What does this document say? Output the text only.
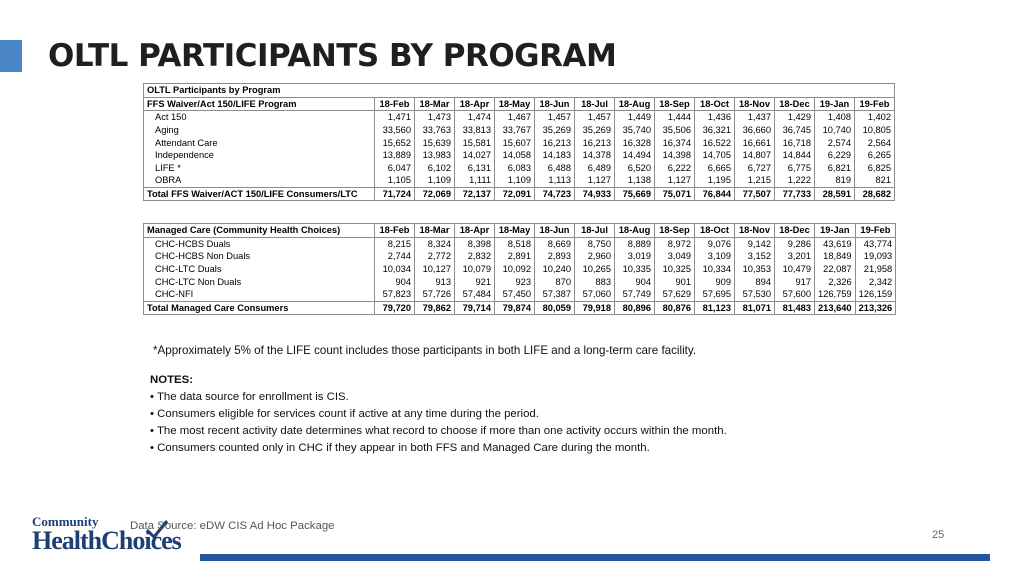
OLTL PARTICIPANTS BY PROGRAM
OLTL Participants by Program													
FFS Waiver/Act 150/LIFE Program	18-Feb	18-Mar	18-Apr	18-May	18-Jun	18-Jul	18-Aug	18-Sep	18-Oct	18-Nov	18-Dec	19-Jan	19-Feb
Act 150	1,471	1,473	1,474	1,467	1,457	1,457	1,449	1,444	1,436	1,437	1,429	1,408	1,402
Aging	33,560	33,763	33,813	33,767	35,269	35,269	35,740	35,506	36,321	36,660	36,745	10,740	10,805
Attendant Care	15,652	15,639	15,581	15,607	16,213	16,213	16,328	16,374	16,522	16,661	16,718	2,574	2,564
Independence	13,889	13,983	14,027	14,058	14,183	14,378	14,494	14,398	14,705	14,807	14,844	6,229	6,265
LIFE *	6,047	6,102	6,131	6,083	6,488	6,489	6,520	6,222	6,665	6,727	6,775	6,821	6,825
OBRA	1,105	1,109	1,111	1,109	1,113	1,127	1,138	1,127	1,195	1,215	1,222	819	821
Total FFS Waiver/ACT 150/LIFE Consumers/LTC	71,724	72,069	72,137	72,091	74,723	74,933	75,669	75,071	76,844	77,507	77,733	28,591	28,682
Managed Care (Community Health Choices)	18-Feb	18-Mar	18-Apr	18-May	18-Jun	18-Jul	18-Aug	18-Sep	18-Oct	18-Nov	18-Dec	19-Jan	19-Feb
CHC-HCBS Duals	8,215	8,324	8,398	8,518	8,669	8,750	8,889	8,972	9,076	9,142	9,286	43,619	43,774
CHC-HCBS Non Duals	2,744	2,772	2,832	2,891	2,893	2,960	3,019	3,049	3,109	3,152	3,201	18,849	19,093
CHC-LTC Duals	10,034	10,127	10,079	10,092	10,240	10,265	10,335	10,325	10,334	10,353	10,479	22,087	21,958
CHC-LTC Non Duals	904	913	921	923	870	883	904	901	909	894	917	2,326	2,342
CHC-NFI	57,823	57,726	57,484	57,450	57,387	57,060	57,749	57,629	57,695	57,530	57,600	126,759	126,159
Total Managed Care Consumers	79,720	79,862	79,714	79,874	80,059	79,918	80,896	80,876	81,123	81,071	81,483	213,640	213,326
*Approximately 5% of the LIFE count includes those participants in both LIFE and a long-term care facility.
NOTES:
• The data source for enrollment is CIS.
• Consumers eligible for services count if active at any time during the period.
• The most recent activity date determines what record to choose if more than one activity occurs within the month.
• Consumers counted only in CHC if they appear in both FFS and Managed Care during the month.
Community
HealthChoices
Data Source: eDW CIS Ad Hoc Package
25
